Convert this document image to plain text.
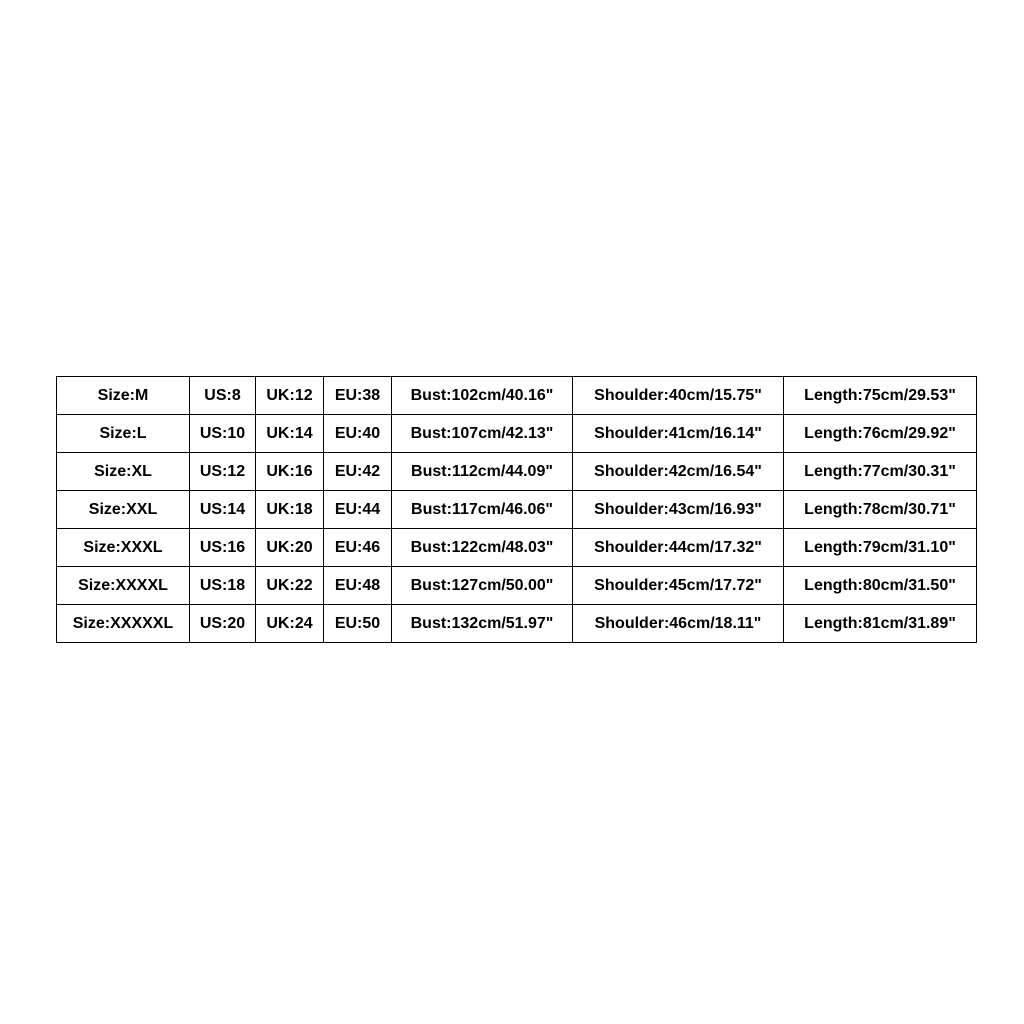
Size:M	US:8	UK:12	EU:38	Bust:102cm/40.16"	Shoulder:40cm/15.75"	Length:75cm/29.53"
Size:L	US:10	UK:14	EU:40	Bust:107cm/42.13"	Shoulder:41cm/16.14"	Length:76cm/29.92"
Size:XL	US:12	UK:16	EU:42	Bust:112cm/44.09"	Shoulder:42cm/16.54"	Length:77cm/30.31"
Size:XXL	US:14	UK:18	EU:44	Bust:117cm/46.06"	Shoulder:43cm/16.93"	Length:78cm/30.71"
Size:XXXL	US:16	UK:20	EU:46	Bust:122cm/48.03"	Shoulder:44cm/17.32"	Length:79cm/31.10"
Size:XXXXL	US:18	UK:22	EU:48	Bust:127cm/50.00"	Shoulder:45cm/17.72"	Length:80cm/31.50"
Size:XXXXXL	US:20	UK:24	EU:50	Bust:132cm/51.97"	Shoulder:46cm/18.11"	Length:81cm/31.89"
